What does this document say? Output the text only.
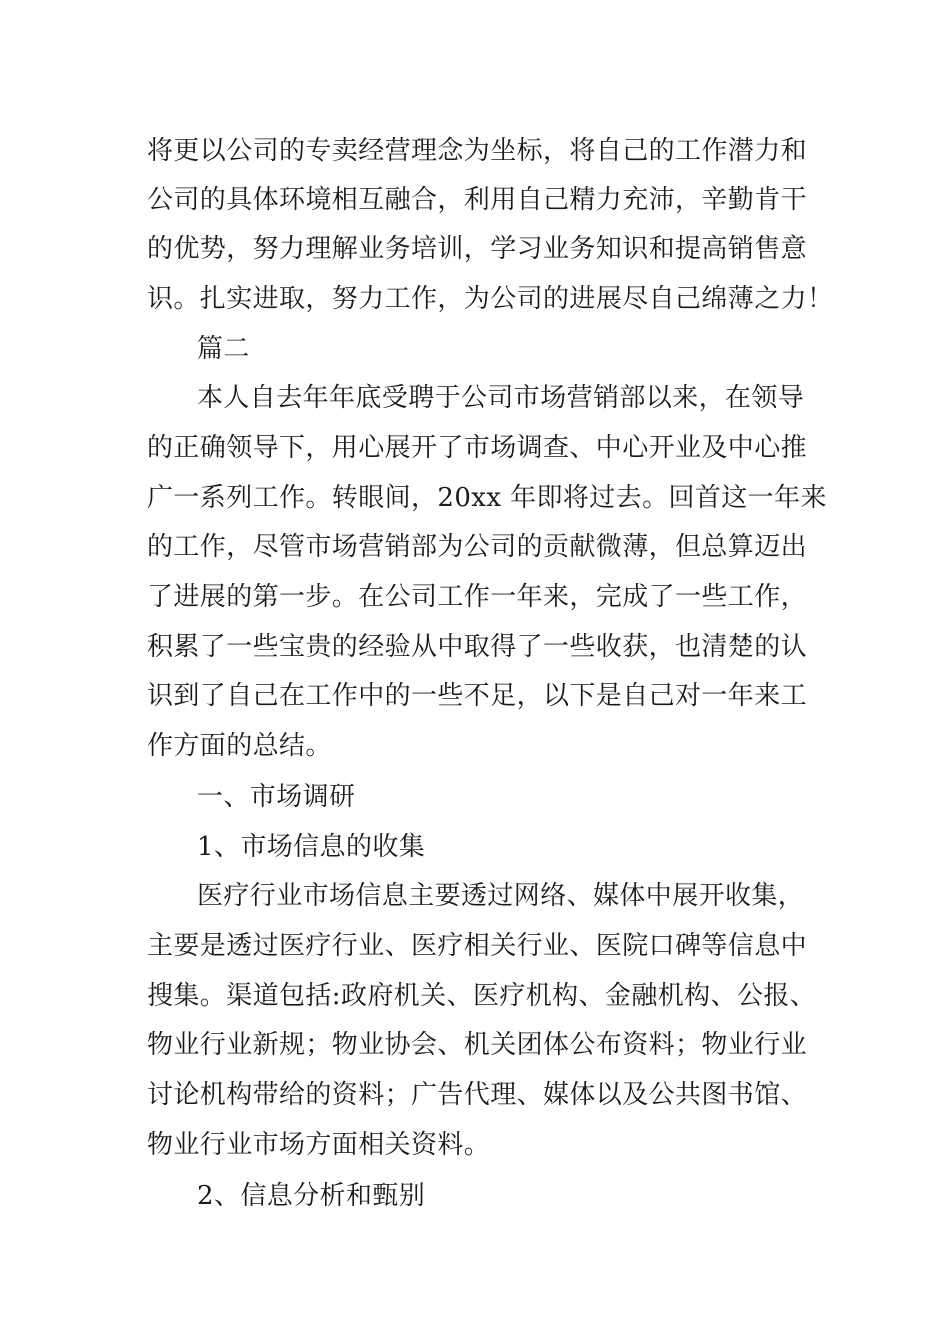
将更以公司的专卖经营理念为坐标，将自己的工作潜力和
公司的具体环境相互融合，利用自己精力充沛，辛勤肯干
的优势，努力理解业务培训，学习业务知识和提高销售意
识。扎实进取，努力工作，为公司的进展尽自己绵薄之力！
篇二
本人自去年年底受聘于公司市场营销部以来，在领导
的正确领导下，用心展开了市场调查、中心开业及中心推
广一系列工作。转眼间，20xx 年即将过去。回首这一年来
的工作，尽管市场营销部为公司的贡献微薄，但总算迈出
了进展的第一步。在公司工作一年来，完成了一些工作，
积累了一些宝贵的经验从中取得了一些收获，也清楚的认
识到了自己在工作中的一些不足，以下是自己对一年来工
作方面的总结。
一、市场调研
1、市场信息的收集
医疗行业市场信息主要透过网络、媒体中展开收集，
主要是透过医疗行业、医疗相关行业、医院口碑等信息中
搜集。渠道包括:政府机关、医疗机构、金融机构、公报、
物业行业新规；物业协会、机关团体公布资料；物业行业
讨论机构带给的资料；广告代理、媒体以及公共图书馆、
物业行业市场方面相关资料。
2、信息分析和甄别
